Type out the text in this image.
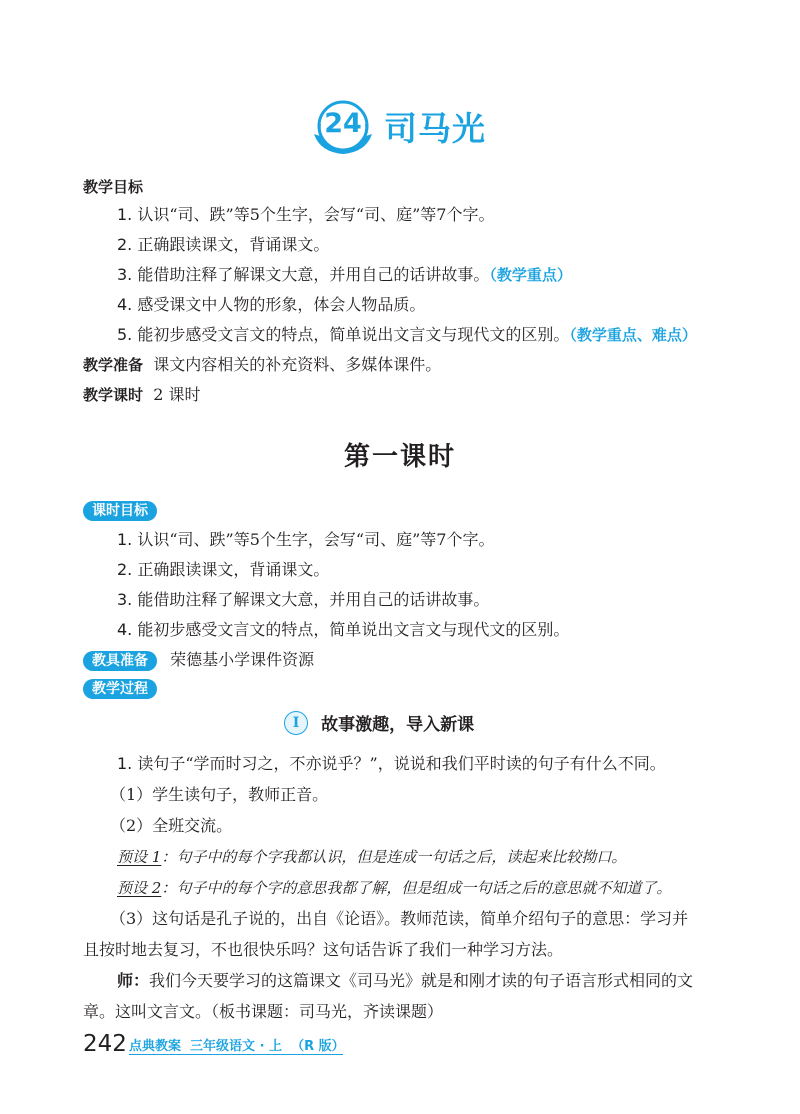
24 司马光
教学目标
1. 认识“司、跌”等5个生字，会写“司、庭”等7个字。
2. 正确跟读课文，背诵课文。
3. 能借助注释了解课文大意，并用自己的话讲故事。（教学重点）
4. 感受课文中人物的形象，体会人物品质。
5. 能初步感受文言文的特点，简单说出文言文与现代文的区别。（教学重点、难点）
教学准备 课文内容相关的补充资料、多媒体课件。
教学课时 2 课时
第一课时
课时目标
1. 认识“司、跌”等5个生字，会写“司、庭”等7个字。
2. 正确跟读课文，背诵课文。
3. 能借助注释了解课文大意，并用自己的话讲故事。
4. 能初步感受文言文的特点，简单说出文言文与现代文的区别。
教具准备 荣德基小学课件资源
教学过程
I 故事激趣，导入新课
1. 读句子“学而时习之，不亦说乎？”，说说和我们平时读的句子有什么不同。
（1）学生读句子，教师正音。
（2）全班交流。
预设 1：句子中的每个字我都认识，但是连成一句话之后，读起来比较拗口。
预设 2：句子中的每个字的意思我都了解，但是组成一句话之后的意思就不知道了。
（3）这句话是孔子说的，出自《论语》。教师范读，简单介绍句子的意思：学习并
且按时地去复习，不也很快乐吗？这句话告诉了我们一种学习方法。
师：我们今天要学习的这篇课文《司马光》就是和刚才读的句子语言形式相同的文
章。这叫文言文。（板书课题：司马光，齐读课题）
242 点典教案  三年级语文 · 上  （R 版）
